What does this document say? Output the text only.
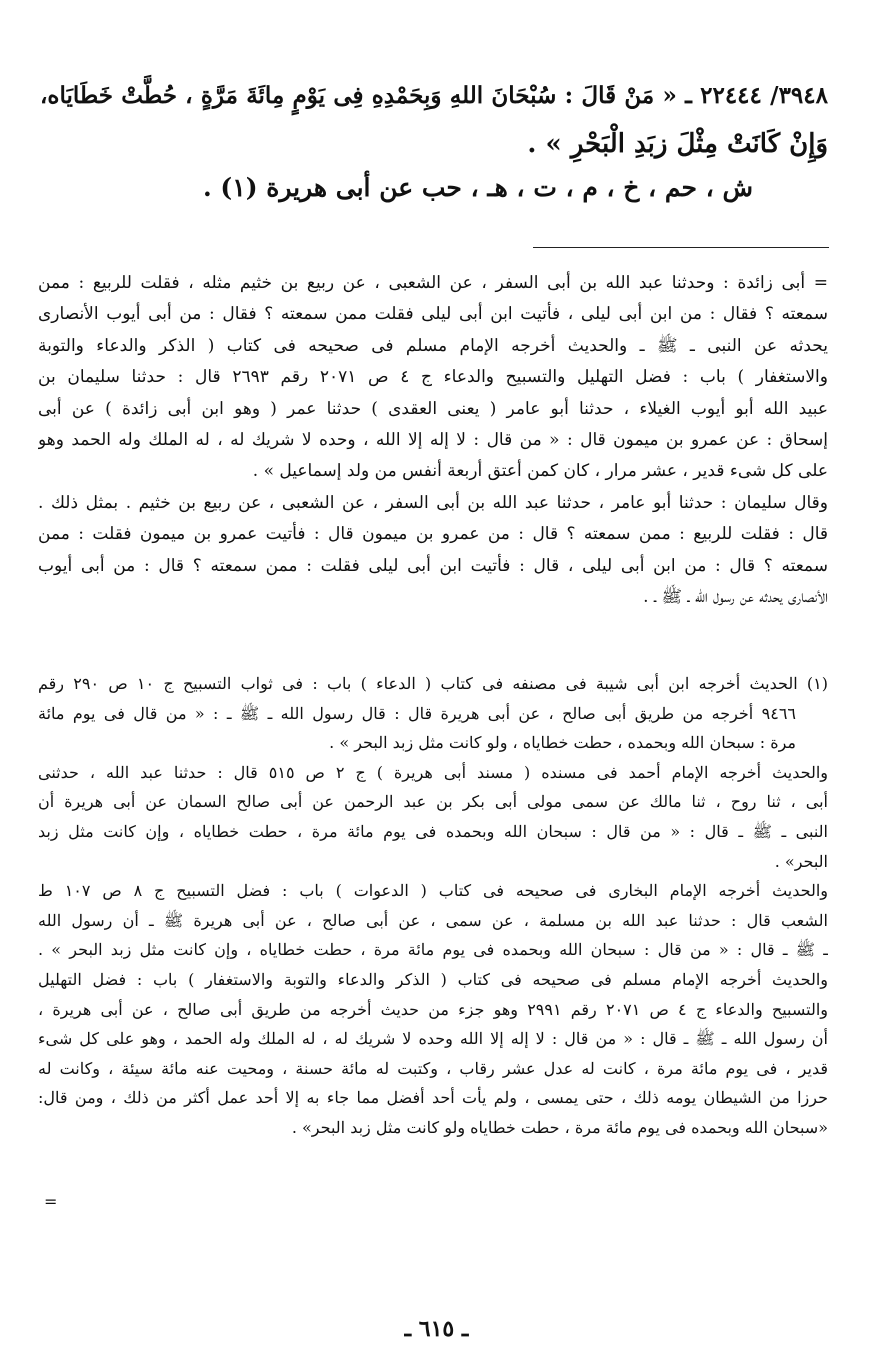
٣٩٤٨/ ٢٢٤٤٤ ـ « مَنْ قَالَ : سُبْحَانَ اللهِ وَبِحَمْدِهِ فِى يَوْمٍ مِائَةَ مَرَّةٍ ، حُطَّتْ خَطَايَاه،
وَإِنْ كَانَتْ مِثْلَ زبَدِ الْبَحْرِ » .
ش ، حم ، خ ، م ، ت ، هـ ، حب عن أبى هريرة (١) .
= أبى زائدة : وحدثنا عبد الله بن أبى السفر ، عن الشعبى ، عن ربيع بن خثيم مثله ، فقلت للربيع : ممن
سمعته ؟ فقال : من ابن أبى ليلى ، فأتيت ابن أبى ليلى فقلت ممن سمعته ؟ فقال : من أبى أيوب الأنصارى
يحدثه عن النبى ـ ﷺ ـ والحديث أخرجه الإمام مسلم فى صحيحه فى كتاب ( الذكر والدعاء والتوبة
والاستغفار ) باب : فضل التهليل والتسبيح والدعاء ج ٤ ص ٢٠٧١ رقم ٢٦٩٣ قال : حدثنا سليمان بن
عبيد الله أبو أيوب الغيلاء ، حدثنا أبو عامر ( يعنى العقدى ) حدثنا عمر ( وهو ابن أبى زائدة ) عن أبى
إسحاق : عن عمرو بن ميمون قال : « من قال : لا إله إلا الله ، وحده لا شريك له ، له الملك وله الحمد وهو
على كل شىء قدير ، عشر مرار ، كان كمن أعتق أربعة أنفس من ولد إسماعيل » .
وقال سليمان : حدثنا أبو عامر ، حدثنا عبد الله بن أبى السفر ، عن الشعبى ، عن ربيع بن خثيم . بمثل ذلك .
قال : فقلت للربيع : ممن سمعته ؟ قال : من عمرو بن ميمون قال : فأتيت عمرو بن ميمون فقلت : ممن
سمعته ؟ قال : من ابن أبى ليلى ، قال : فأتيت ابن أبى ليلى فقلت : ممن سمعته ؟ قال : من أبى أيوب
الأنصارى يحدثه عن رسول الله ـ ﷺ ـ .
(١) الحديث أخرجه ابن أبى شيبة فى مصنفه فى كتاب ( الدعاء ) باب : فى ثواب التسبيح ج ١٠ ص ٢٩٠ رقم
٩٤٦٦ أخرجه من طريق أبى صالح ، عن أبى هريرة قال : قال رسول الله ـ ﷺ ـ : « من قال فى يوم مائة
مرة : سبحان الله وبحمده ، حطت خطاياه ، ولو كانت مثل زبد البحر » .
والحديث أخرجه الإمام أحمد فى مسنده ( مسند أبى هريرة ) ج ٢ ص ٥١٥ قال : حدثنا عبد الله ، حدثنى
أبى ، ثنا روح ، ثنا مالك عن سمى مولى أبى بكر بن عبد الرحمن عن أبى صالح السمان عن أبى هريرة أن
النبى ـ ﷺ ـ قال : « من قال : سبحان الله وبحمده فى يوم مائة مرة ، حطت خطاياه ، وإن كانت مثل زبد
البحر» .
والحديث أخرجه الإمام البخارى فى صحيحه فى كتاب ( الدعوات ) باب : فضل التسبيح ج ٨ ص ١٠٧ ط
الشعب قال : حدثنا عبد الله بن مسلمة ، عن سمى ، عن أبى صالح ، عن أبى هريرة ﷺ ـ أن رسول الله
ـ ﷺ ـ قال : « من قال : سبحان الله وبحمده فى يوم مائة مرة ، حطت خطاياه ، وإن كانت مثل زبد البحر » .
والحديث أخرجه الإمام مسلم فى صحيحه فى كتاب ( الذكر والدعاء والتوبة والاستغفار ) باب : فضل التهليل
والتسبيح والدعاء ج ٤ ص ٢٠٧١ رقم ٢٩٩١ وهو جزء من حديث أخرجه من طريق أبى صالح ، عن أبى هريرة ،
أن رسول الله ـ ﷺ ـ قال : « من قال : لا إله إلا الله وحده لا شريك له ، له الملك وله الحمد ، وهو على كل شىء
قدير ، فى يوم مائة مرة ، كانت له عدل عشر رقاب ، وكتبت له مائة حسنة ، ومحيت عنه مائة سيئة ، وكانت له
حرزا من الشيطان يومه ذلك ، حتى يمسى ، ولم يأت أحد أفضل مما جاء به إلا أحد عمل أكثر من ذلك ، ومن قال:
«سبحان الله وبحمده فى يوم مائة مرة ، حطت خطاياه ولو كانت مثل زبد البحر» .
=
ـ ٦١٥ ـ
